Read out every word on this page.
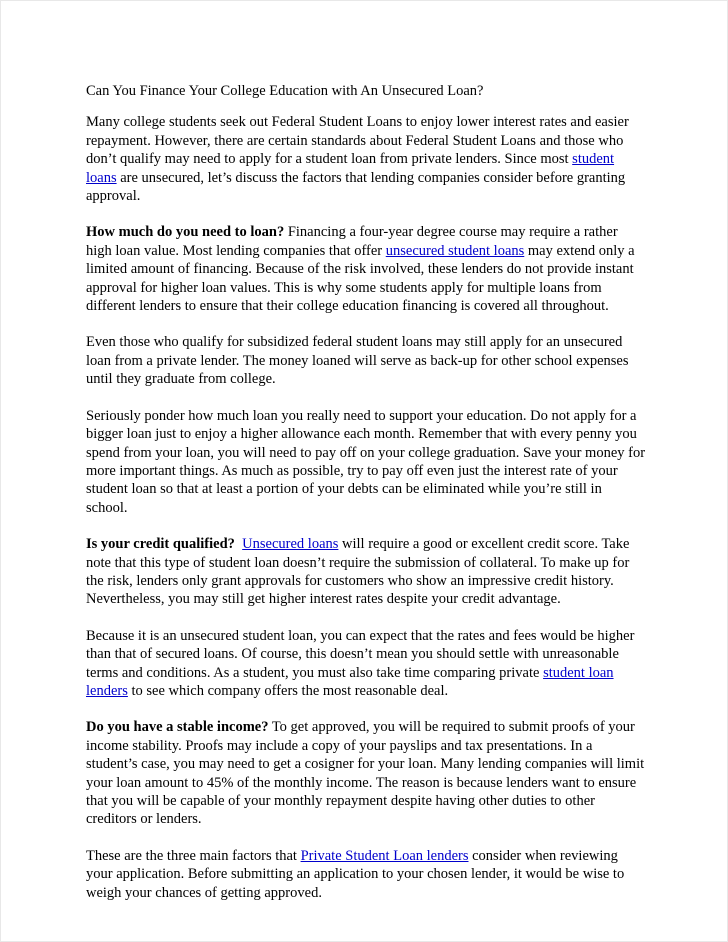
Can You Finance Your College Education with An Unsecured Loan?

Many college students seek out Federal Student Loans to enjoy lower interest rates and easier repayment. However, there are certain standards about Federal Student Loans and those who don’t qualify may need to apply for a student loan from private lenders. Since most student loans are unsecured, let’s discuss the factors that lending companies consider before granting approval.

How much do you need to loan? Financing a four-year degree course may require a rather high loan value. Most lending companies that offer unsecured student loans may extend only a limited amount of financing. Because of the risk involved, these lenders do not provide instant approval for higher loan values. This is why some students apply for multiple loans from different lenders to ensure that their college education financing is covered all throughout.

Even those who qualify for subsidized federal student loans may still apply for an unsecured loan from a private lender. The money loaned will serve as back-up for other school expenses until they graduate from college.

Seriously ponder how much loan you really need to support your education. Do not apply for a bigger loan just to enjoy a higher allowance each month. Remember that with every penny you spend from your loan, you will need to pay off on your college graduation. Save your money for more important things. As much as possible, try to pay off even just the interest rate of your student loan so that at least a portion of your debts can be eliminated while you’re still in school.

Is your credit qualified? Unsecured loans will require a good or excellent credit score. Take note that this type of student loan doesn’t require the submission of collateral. To make up for the risk, lenders only grant approvals for customers who show an impressive credit history. Nevertheless, you may still get higher interest rates despite your credit advantage.

Because it is an unsecured student loan, you can expect that the rates and fees would be higher than that of secured loans. Of course, this doesn’t mean you should settle with unreasonable terms and conditions. As a student, you must also take time comparing private student loan lenders to see which company offers the most reasonable deal.

Do you have a stable income? To get approved, you will be required to submit proofs of your income stability. Proofs may include a copy of your payslips and tax presentations. In a student’s case, you may need to get a cosigner for your loan. Many lending companies will limit your loan amount to 45% of the monthly income. The reason is because lenders want to ensure that you will be capable of your monthly repayment despite having other duties to other creditors or lenders.

These are the three main factors that Private Student Loan lenders consider when reviewing your application. Before submitting an application to your chosen lender, it would be wise to weigh your chances of getting approved.
